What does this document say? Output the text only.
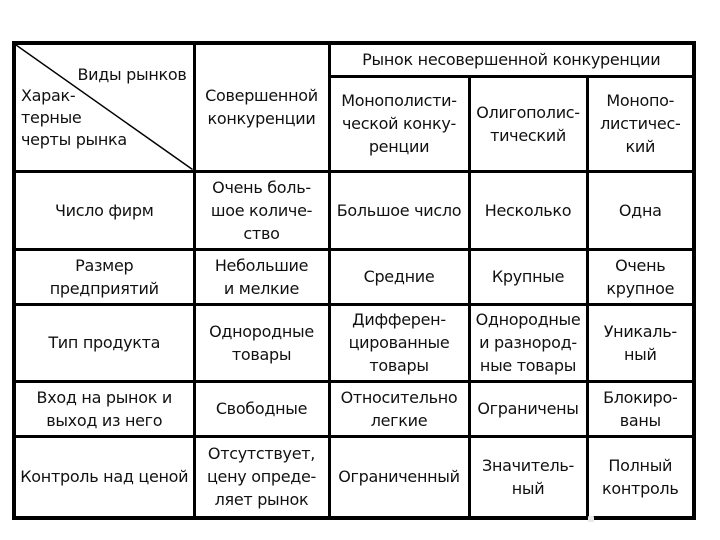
Виды рынков

Харак-
терные
черты рынка	Совершенной
конкуренции	Рынок несовершенной конкуренции		
		Монополисти-
ческой конку-
ренции	Олигополис-
тический	Монопо-
листичес-
кий
Число фирм	Очень боль-
шое количе-
ство	Большое число	Несколько	Одна
Размер
предприятий	Небольшие
и мелкие	Средние	Крупные	Очень
крупное
Тип продукта	Однородные
товары	Дифферен-
цированные
товары	Однородные
и разнород-
ные товары	Уникаль-
ный
Вход на рынок и
выход из него	Свободные	Относительно
легкие	Ограничены	Блокиро-
ваны
Контроль над ценой	Отсутствует,
цену опреде-
ляет рынок	Ограниченный	Значитель-
ный	Полный
контроль
